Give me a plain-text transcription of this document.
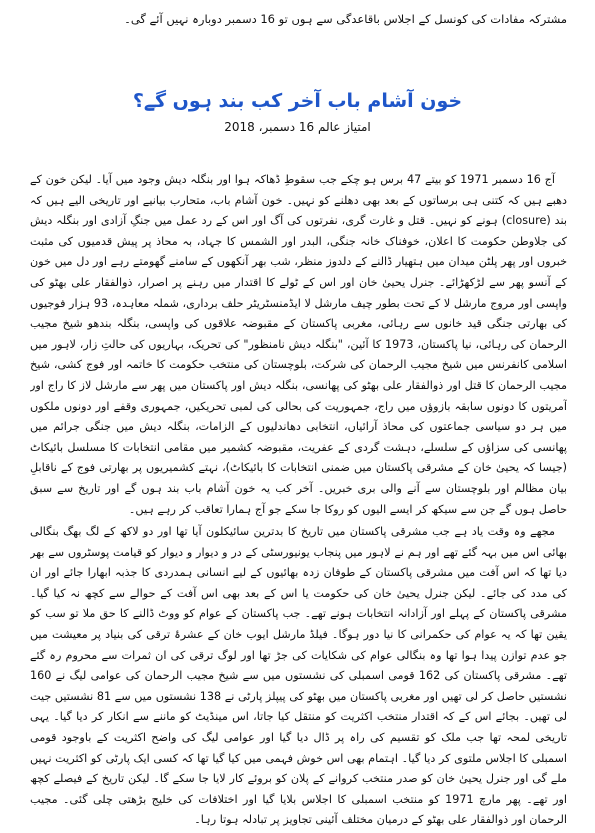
مشترکہ مفادات کی کونسل کے اجلاس باقاعدگی سے ہوں تو 16 دسمبر دوبارہ نہیں آئے گی۔
خون آشام باب آخر کب بند ہوں گے؟
امتیاز عالم 16 دسمبر، 2018

آج 16 دسمبر 1971 کو بیتے 47 برس ہو چکے جب سقوطِ ڈھاکہ ہوا اور بنگلہ دیش وجود میں آیا۔ لیکن خون کے دھبے ہیں کہ کتنی ہی برساتوں کے بعد بھی دھلنے کو نہیں۔ خون آشام باب، متحارب بیانیے اور تاریخی الیے ہیں کہ بند (closure) ہونے کو نہیں۔ قتل و غارت گری، نفرتوں کی آگ اور اس کے رد عمل میں جنگِ آزادی اور بنگلہ دیش کی جلاوطن حکومت کا اعلان، خوفناک خانہ جنگی، البدر اور الشمس کا جہاد، بہ محاذ پر پیش قدمیوں کی مثبت خبروں اور پھر پلٹن میدان میں ہتھیار ڈالنے کے دلدوز منظر، شب بھر آنکھوں کے سامنے گھومتے رہے اور دل میں خون کے آنسو پھر سے لڑکھڑائے۔ جنرل یحییٰ خان اور اس کے ٹولے کا اقتدار میں رہنے پر اصرار، ذوالفقار علی بھٹو کی واپسی اور مروج مارشل لا کے تحت بطور چیف مارشل لا ایڈمنسٹریٹر حلف برداری، شملہ معاہدہ، 93 ہزار فوجیوں کی بھارتی جنگی قید خانوں سے رہائی، مغربی پاکستان کے مقبوضہ علاقوں کی واپسی، بنگلہ بندھو شیخ مجیب الرحمان کی رہائی، نیا پاکستان، 1973 کا آئین، "بنگلہ دیش نامنظور" کی تحریک، بہاریوں کی حالتِ زار، لاہور میں اسلامی کانفرنس میں شیخ مجیب الرحمان کی شرکت، بلوچستان کی منتخب حکومت کا خاتمہ اور فوج کشی، شیخ مجیب الرحمان کا قتل اور ذوالفقار علی بھٹو کی پھانسی، بنگلہ دیش اور پاکستان میں پھر سے مارشل لاز کا راج اور آمریتوں کا دونوں سابقہ بازوؤں میں راج، جمہوریت کی بحالی کی لمبی تحریکیں، جمہوری وقفے اور دونوں ملکوں میں ہر دو سیاسی جماعتوں کی محاذ آرائیاں، انتخابی دھاندلیوں کے الزامات، بنگلہ دیش میں جنگی جرائم میں پھانسی کی سزاؤں کے سلسلے، دہشت گردی کے عفریت، مقبوضہ کشمیر میں مقامی انتخابات کا مسلسل بائیکاٹ (جیسا کہ یحییٰ خان کے مشرقی پاکستان میں ضمنی انتخابات کا بائیکاٹ)، نہتے کشمیریوں پر بھارتی فوج کے ناقابلِ بیان مظالم اور بلوچستان سے آنے والی بری خبریں۔ آخر کب یہ خون آشام باب بند ہوں گے اور تاریخ سے سبق حاصل ہوں گے جن سے سیکھ کر ایسے الیوں کو روکا جا سکے جو آج ہمارا تعاقب کر رہے ہیں۔

مجھے وہ وقت یاد ہے جب مشرقی پاکستان میں تاریخ کا بدترین سائیکلون آیا تھا اور دو لاکھ کے لگ بھگ بنگالی بھائی اس میں بہہ گئے تھے اور ہم نے لاہور میں پنجاب یونیورسٹی کے در و دیوار و دیوار کو قیامت پوسٹروں سے بھر دیا تھا کہ اس آفت میں مشرقی پاکستان کے طوفان زدہ بھائیوں کے لیے انسانی ہمدردی کا جذبہ ابھارا جائے اور ان کی مدد کی جائے۔ لیکن جنرل یحییٰ خان کی حکومت یا اس کے بعد بھی اس آفت کے حوالے سے کچھ نہ کیا گیا۔ مشرقی پاکستان کے پہلے اور آزادانہ انتخابات ہونے تھے۔ جب پاکستان کے عوام کو ووٹ ڈالنے کا حق ملا تو سب کو یقین تھا کہ یہ عوام کی حکمرانی کا نیا دور ہوگا۔ فیلڈ مارشل ایوب خان کے عشرۂ ترقی کی بنیاد پر معیشت میں جو عدم توازن پیدا ہوا تھا وہ بنگالی عوام کی شکایات کی جڑ تھا اور لوگ ترقی کی ان ثمرات سے محروم رہ گئے تھے۔ مشرقی پاکستان کی 162 قومی اسمبلی کی نشستوں میں سے شیخ مجیب الرحمان کی عوامی لیگ نے 160 نشستیں حاصل کر لی تھیں اور مغربی پاکستان میں بھٹو کی پیپلز پارٹی نے 138 نشستوں میں سے 81 نشستیں جیت لی تھیں۔ بجائے اس کے کہ اقتدار منتخب اکثریت کو منتقل کیا جاتا، اس مینڈیٹ کو ماننے سے انکار کر دیا گیا۔ یہی تاریخی لمحہ تھا جب ملک کو تقسیم کی راہ پر ڈال دیا گیا اور عوامی لیگ کی واضح اکثریت کے باوجود قومی اسمبلی کا اجلاس ملتوی کر دیا گیا۔ اہتمام بھی اس خوش فہمی میں کیا گیا تھا کہ کسی ایک پارٹی کو اکثریت نہیں ملے گی اور جنرل یحییٰ خان کو صدر منتخب کروانے کے پلان کو بروئے کار لایا جا سکے گا۔ لیکن تاریخ کے فیصلے کچھ اور تھے۔ پھر مارچ 1971 کو منتخب اسمبلی کا اجلاس بلایا گیا اور اختلافات کی خلیج بڑھتی چلی گئی۔ مجیب الرحمان اور ذوالفقار علی بھٹو کے درمیان مختلف آئینی تجاویز پر تبادلہ ہوتا رہا۔
